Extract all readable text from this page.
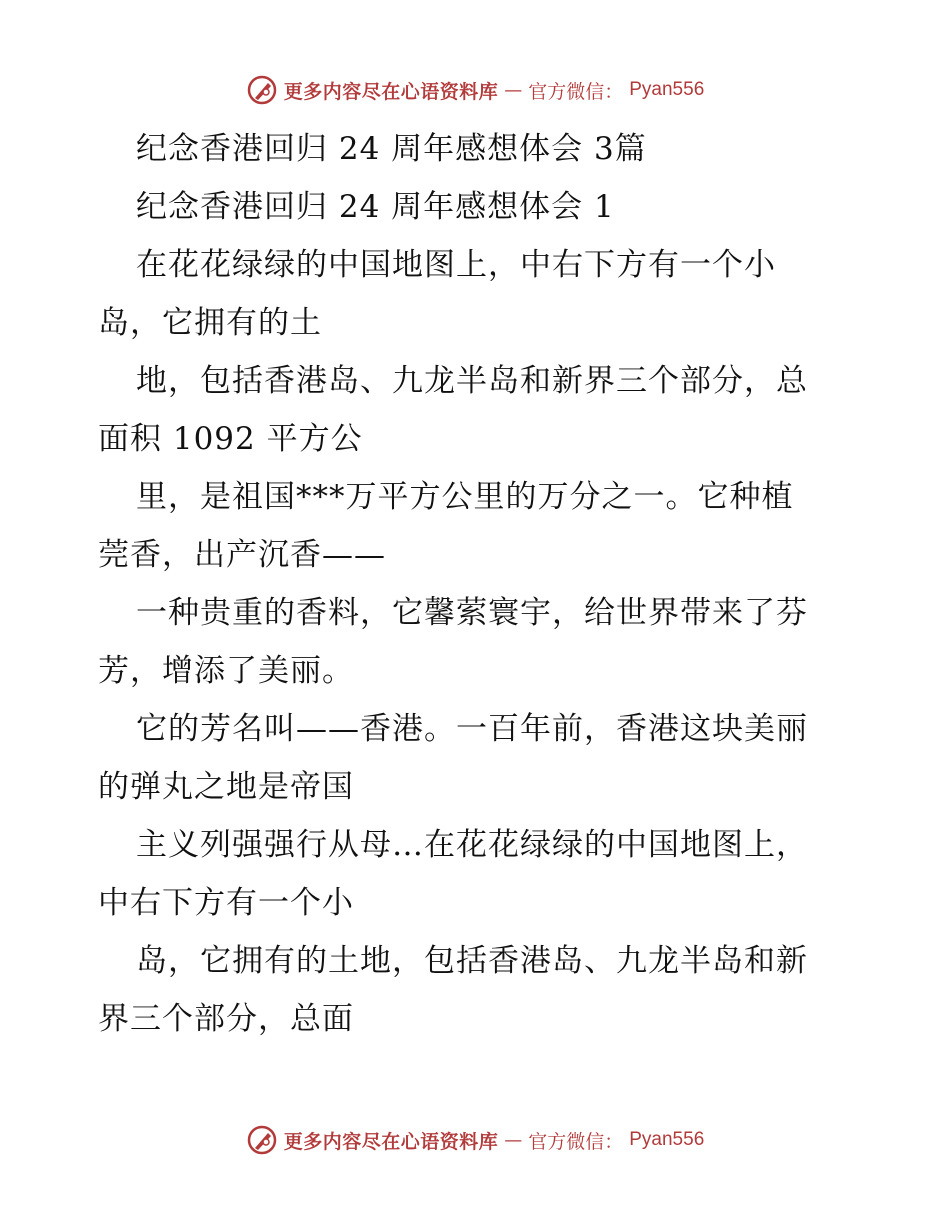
更多内容尽在心语资料库 — 官方微信： Pyan556
纪念香港回归 24 周年感想体会 3篇
纪念香港回归 24 周年感想体会 1
在花花绿绿的中国地图上，中右下方有一个小
岛，它拥有的土
地，包括香港岛、九龙半岛和新界三个部分，总
面积 1092 平方公
里，是祖国***万平方公里的万分之一。它种植
莞香，出产沉香——
一种贵重的香料，它馨萦寰宇，给世界带来了芬
芳，增添了美丽。
它的芳名叫——香港。一百年前，香港这块美丽
的弹丸之地是帝国
主义列强强行从母…在花花绿绿的中国地图上，
中右下方有一个小
岛，它拥有的土地，包括香港岛、九龙半岛和新
界三个部分，总面
更多内容尽在心语资料库 — 官方微信： Pyan556
